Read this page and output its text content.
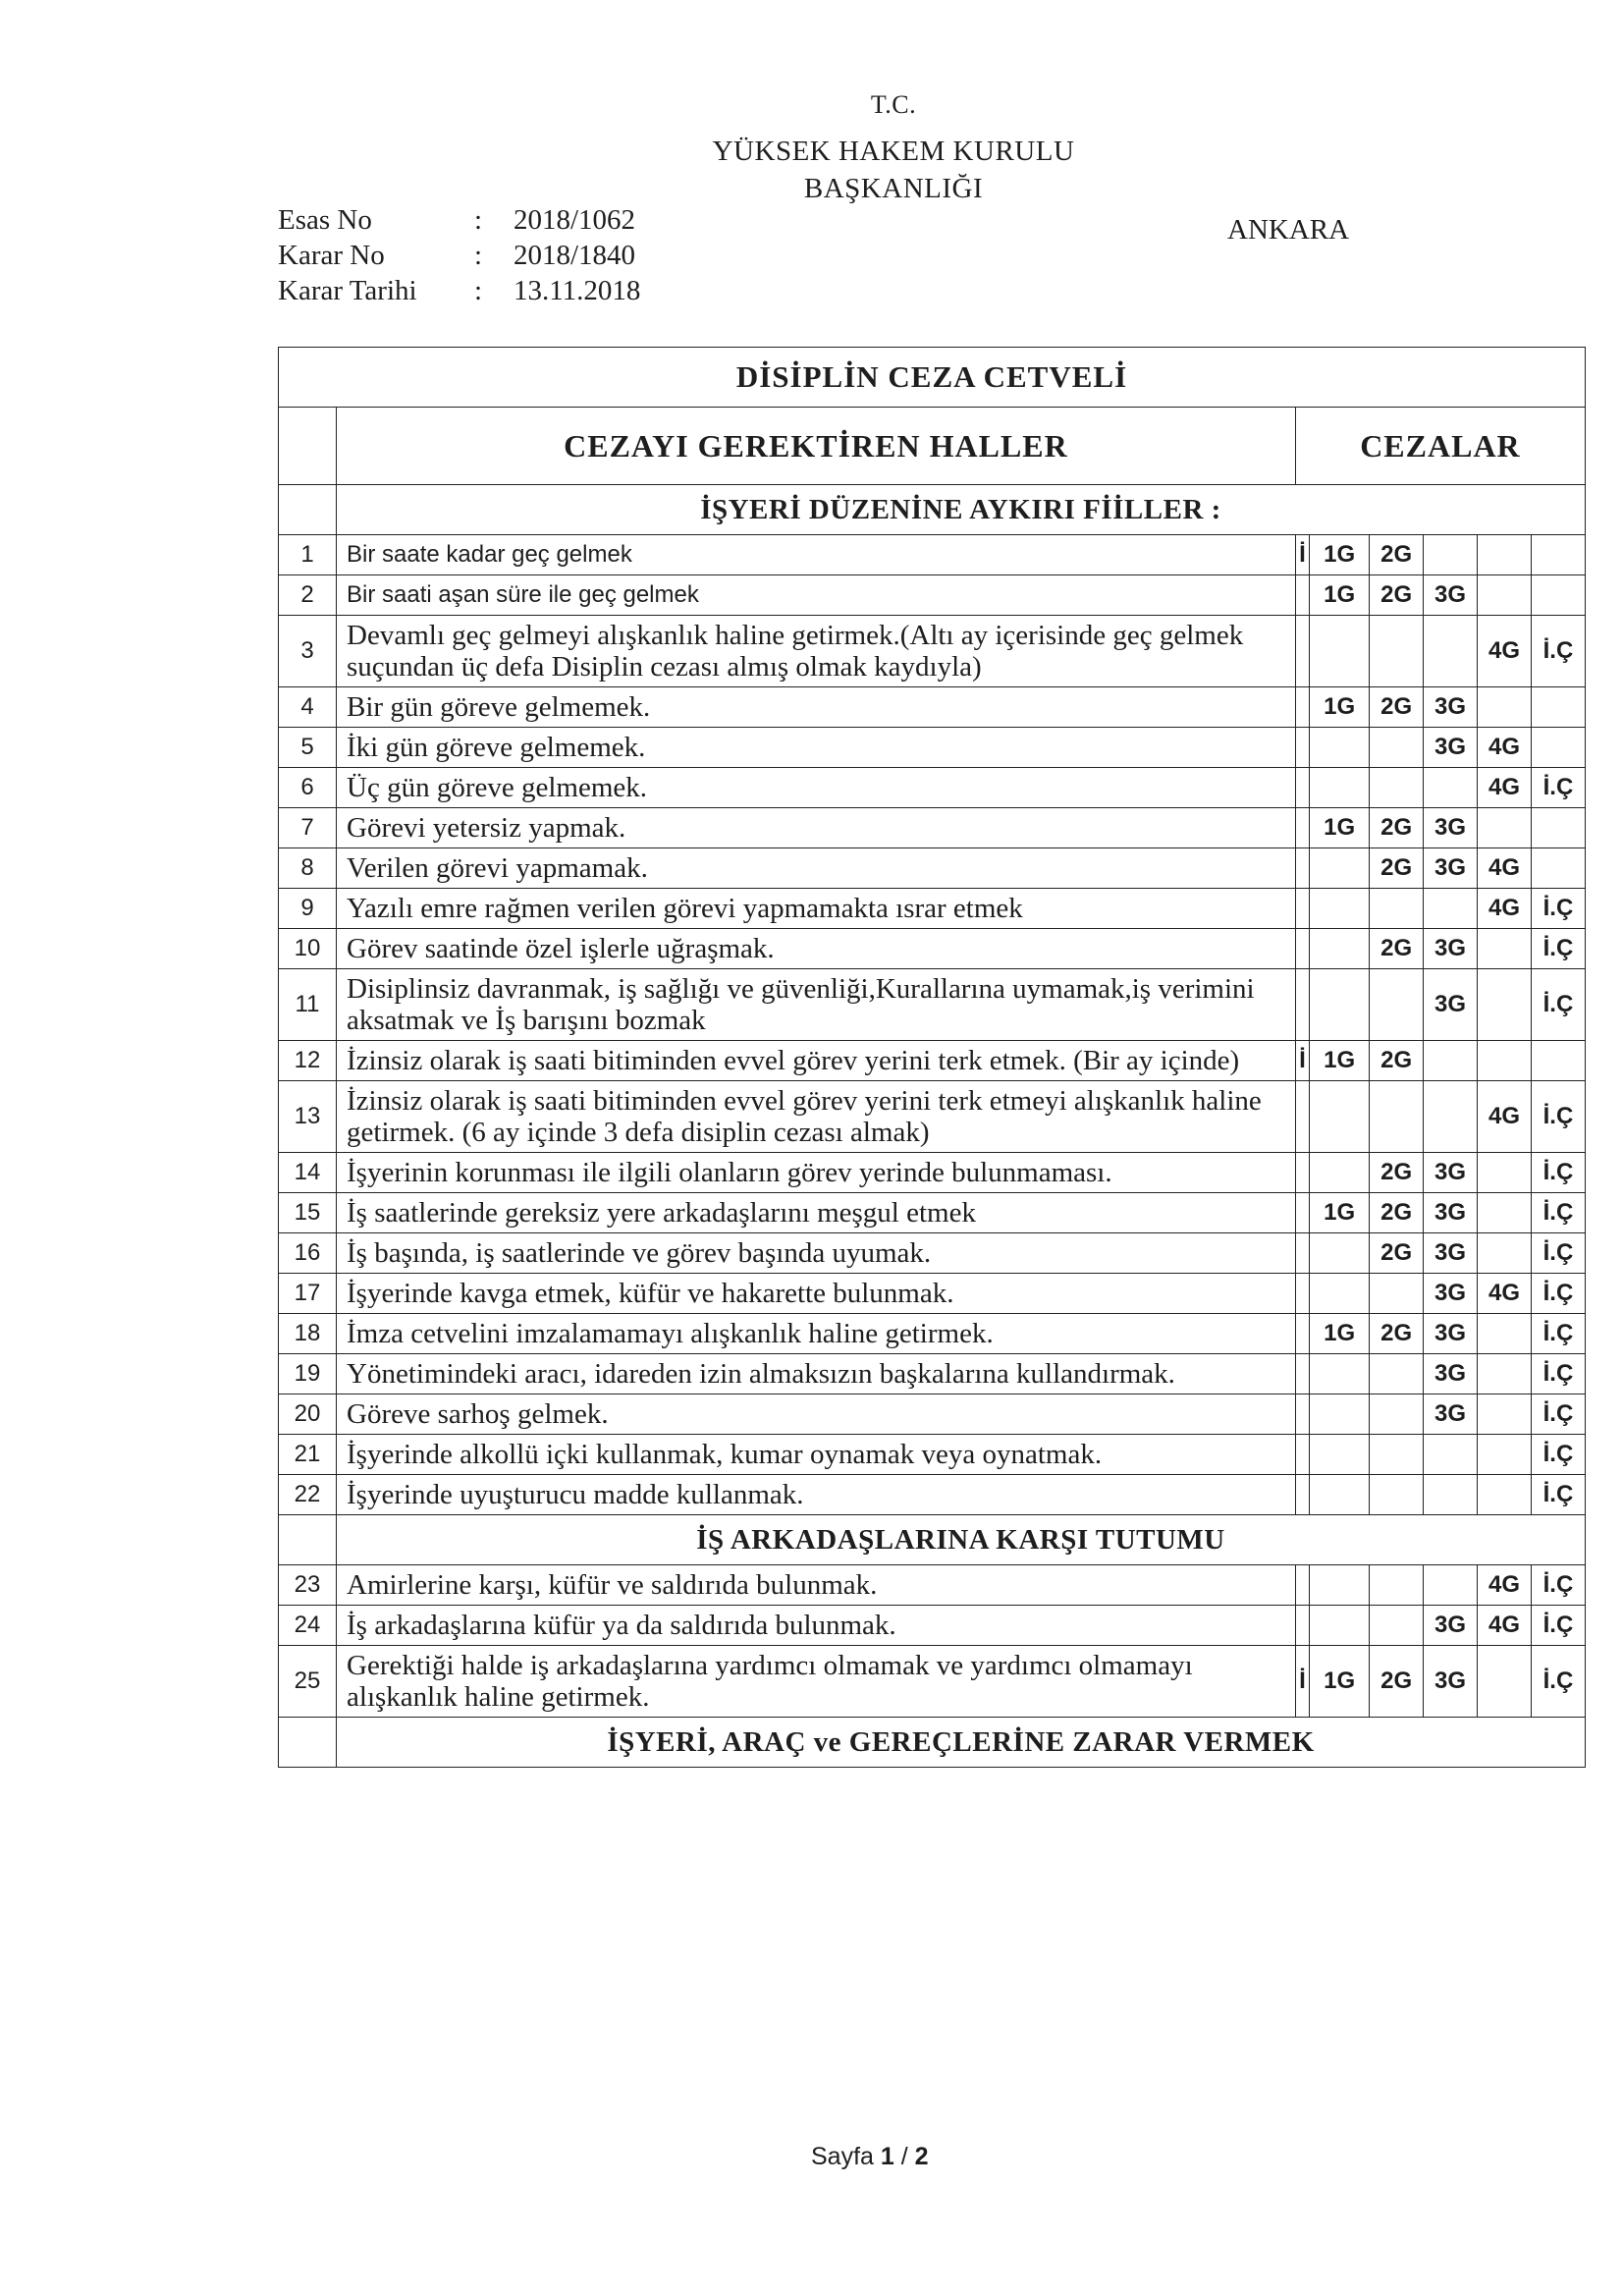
T.C.
YÜKSEK HAKEM KURULU
BAŞKANLIĞI
ANKARA
Esas No	: 2018/1062
Karar No	: 2018/1840
Karar Tarihi : 13.11.2018
DİSİPLİN CEZA CETVELİ							
	CEZAYI GEREKTİREN HALLER	CEZALAR					
	İŞYERİ DÜZENİNE AYKIRI FİİLLER :						
1	Bir saate kadar geç gelmek	İ	1G	2G			
2	Bir saati aşan süre ile geç gelmek		1G	2G	3G		
3	Devamlı geç gelmeyi alışkanlık haline getirmek.(Altı ay içerisinde geç gelmek suçundan üç defa Disiplin cezası almış olmak kaydıyla)					4G	İ.Ç
4	Bir gün göreve gelmemek.		1G	2G	3G		
5	İki gün göreve gelmemek.				3G	4G	
6	Üç gün göreve gelmemek.					4G	İ.Ç
7	Görevi yetersiz yapmak.		1G	2G	3G		
8	Verilen görevi yapmamak.			2G	3G	4G	
9	Yazılı emre rağmen verilen görevi yapmamakta ısrar etmek					4G	İ.Ç
10	Görev saatinde özel işlerle uğraşmak.			2G	3G		İ.Ç
11	Disiplinsiz davranmak, iş sağlığı ve güvenliği,Kurallarına uymamak,iş verimini aksatmak ve İş barışını bozmak				3G		İ.Ç
12	İzinsiz olarak iş saati bitiminden evvel görev yerini terk etmek. (Bir ay içinde)	İ	1G	2G			
13	İzinsiz olarak iş saati bitiminden evvel görev yerini terk etmeyi alışkanlık haline getirmek. (6 ay içinde 3 defa disiplin cezası almak)					4G	İ.Ç
14	İşyerinin korunması ile ilgili olanların görev yerinde bulunmaması.			2G	3G		İ.Ç
15	İş saatlerinde gereksiz yere arkadaşlarını meşgul etmek		1G	2G	3G		İ.Ç
16	İş başında, iş saatlerinde ve görev başında uyumak.			2G	3G		İ.Ç
17	İşyerinde kavga etmek, küfür ve hakarette bulunmak.				3G	4G	İ.Ç
18	İmza cetvelini imzalamamayı alışkanlık haline getirmek.		1G	2G	3G		İ.Ç
19	Yönetimindeki aracı, idareden izin almaksızın başkalarına kullandırmak.				3G		İ.Ç
20	Göreve sarhoş gelmek.				3G		İ.Ç
21	İşyerinde alkollü içki kullanmak, kumar oynamak veya oynatmak.						İ.Ç
22	İşyerinde uyuşturucu madde kullanmak.						İ.Ç
	İŞ ARKADAŞLARINA KARŞI TUTUMU						
23	Amirlerine karşı, küfür ve saldırıda bulunmak.					4G	İ.Ç
24	İş arkadaşlarına küfür ya da saldırıda bulunmak.				3G	4G	İ.Ç
25	Gerektiği halde iş arkadaşlarına yardımcı olmamak ve yardımcı olmamayı alışkanlık haline getirmek.	İ	1G	2G	3G		İ.Ç
	İŞYERİ, ARAÇ ve GEREÇLERİNE ZARAR VERMEK						
Sayfa 1 / 2
